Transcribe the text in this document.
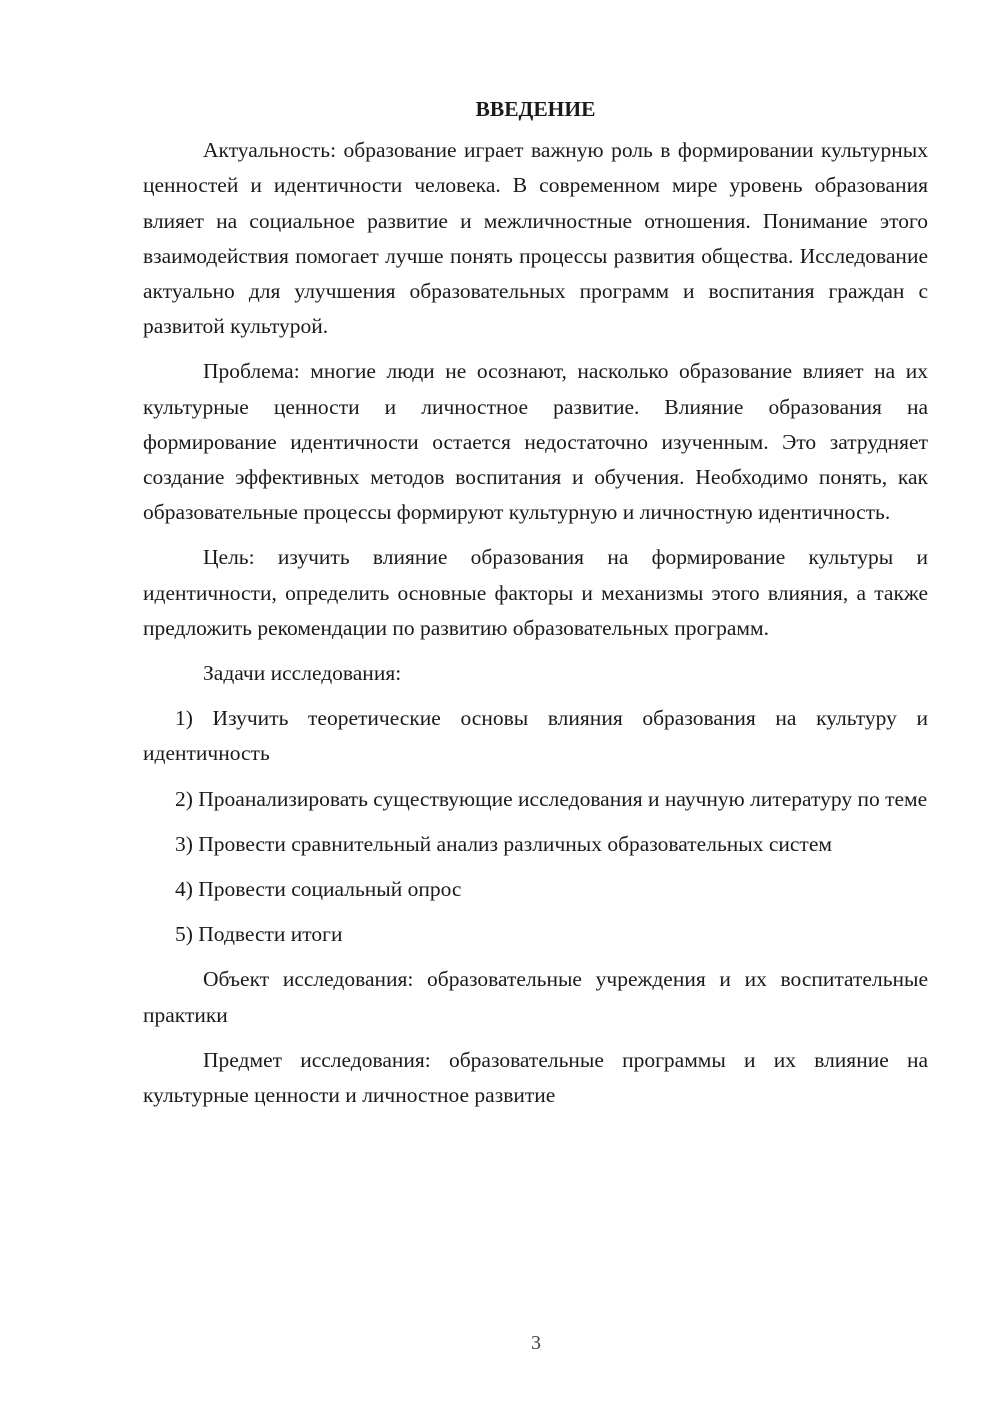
ВВЕДЕНИЕ

Актуальность: образование играет важную роль в формировании культурных ценностей и идентичности человека. В современном мире уровень образования влияет на социальное развитие и межличностные отношения. Понимание этого взаимодействия помогает лучше понять процессы развития общества. Исследование актуально для улучшения образовательных программ и воспитания граждан с развитой культурой.

Проблема: многие люди не осознают, насколько образование влияет на их культурные ценности и личностное развитие. Влияние образования на формирование идентичности остается недостаточно изученным. Это затрудняет создание эффективных методов воспитания и обучения. Необходимо понять, как образовательные процессы формируют культурную и личностную идентичность.

Цель: изучить влияние образования на формирование культуры и идентичности, определить основные факторы и механизмы этого влияния, а также предложить рекомендации по развитию образовательных программ.

Задачи исследования:

1) Изучить теоретические основы влияния образования на культуру и идентичность

2) Проанализировать существующие исследования и научную литературу по теме

3) Провести сравнительный анализ различных образовательных систем

4) Провести социальный опрос

5) Подвести итоги

Объект исследования: образовательные учреждения и их воспитательные практики

Предмет исследования: образовательные программы и их влияние на культурные ценности и личностное развитие

3
